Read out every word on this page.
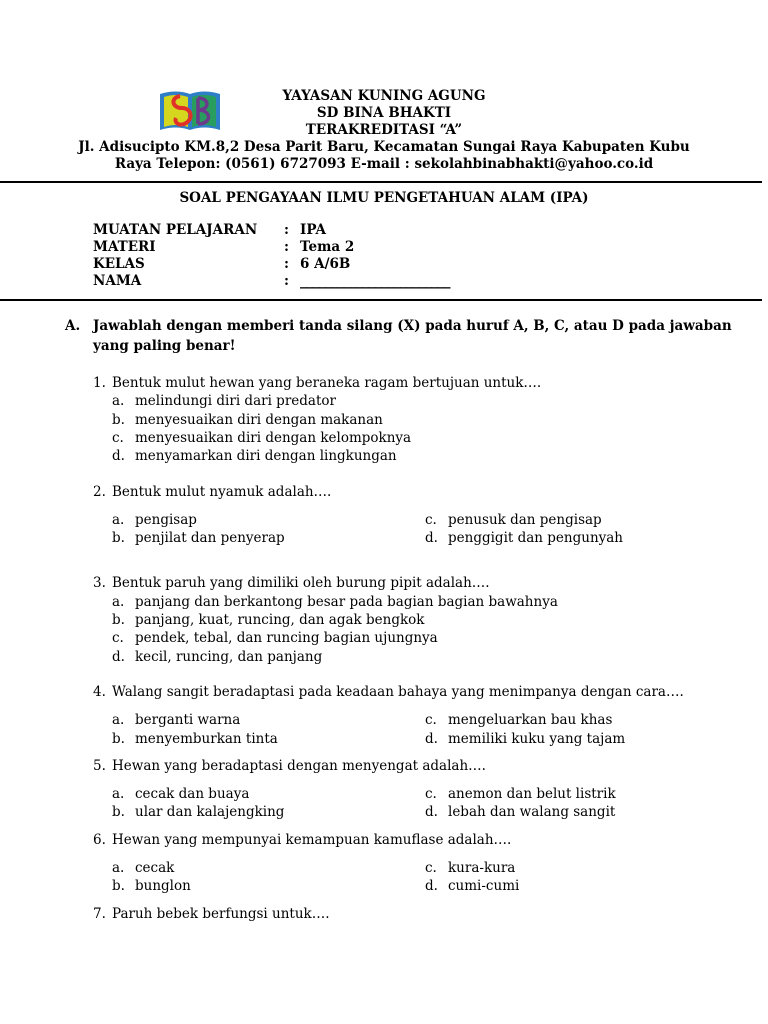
YAYASAN KUNING AGUNG
SD BINA BHAKTI
TERAKREDITASI “A”
Jl. Adisucipto KM.8,2 Desa Parit Baru, Kecamatan Sungai Raya Kabupaten Kubu
Raya Telepon: (0561) 6727093 E-mail : sekolahbinabhakti@yahoo.co.id
SOAL PENGAYAAN ILMU PENGETAHUAN ALAM (IPA)
MUATAN PELAJARAN : IPA
MATERI	: Tema 2
KELAS	: 6 A/6B
NAMA	: ________________________
A. Jawablah dengan memberi tanda silang (X) pada huruf A, B, C, atau D pada jawaban
yang paling benar!
1. Bentuk mulut hewan yang beraneka ragam bertujuan untuk….
a. melindungi diri dari predator
b. menyesuaikan diri dengan makanan
c. menyesuaikan diri dengan kelompoknya
d. menyamarkan diri dengan lingkungan
2. Bentuk mulut nyamuk adalah….
a. pengisap
b. penjilat dan penyerap
c. penusuk dan pengisap
d. penggigit dan pengunyah
3. Bentuk paruh yang dimiliki oleh burung pipit adalah….
a. panjang dan berkantong besar pada bagian bagian bawahnya
b. panjang, kuat, runcing, dan agak bengkok
c. pendek, tebal, dan runcing bagian ujungnya
d. kecil, runcing, dan panjang
4. Walang sangit beradaptasi pada keadaan bahaya yang menimpanya dengan cara….
a. berganti warna
b. menyemburkan tinta
c. mengeluarkan bau khas
d. memiliki kuku yang tajam
5. Hewan yang beradaptasi dengan menyengat adalah….
a. cecak dan buaya
b. ular dan kalajengking
c. anemon dan belut listrik
d. lebah dan walang sangit
6. Hewan yang mempunyai kemampuan kamuflase adalah….
a. cecak
b. bunglon
c. kura-kura
d. cumi-cumi
7. Paruh bebek berfungsi untuk….
